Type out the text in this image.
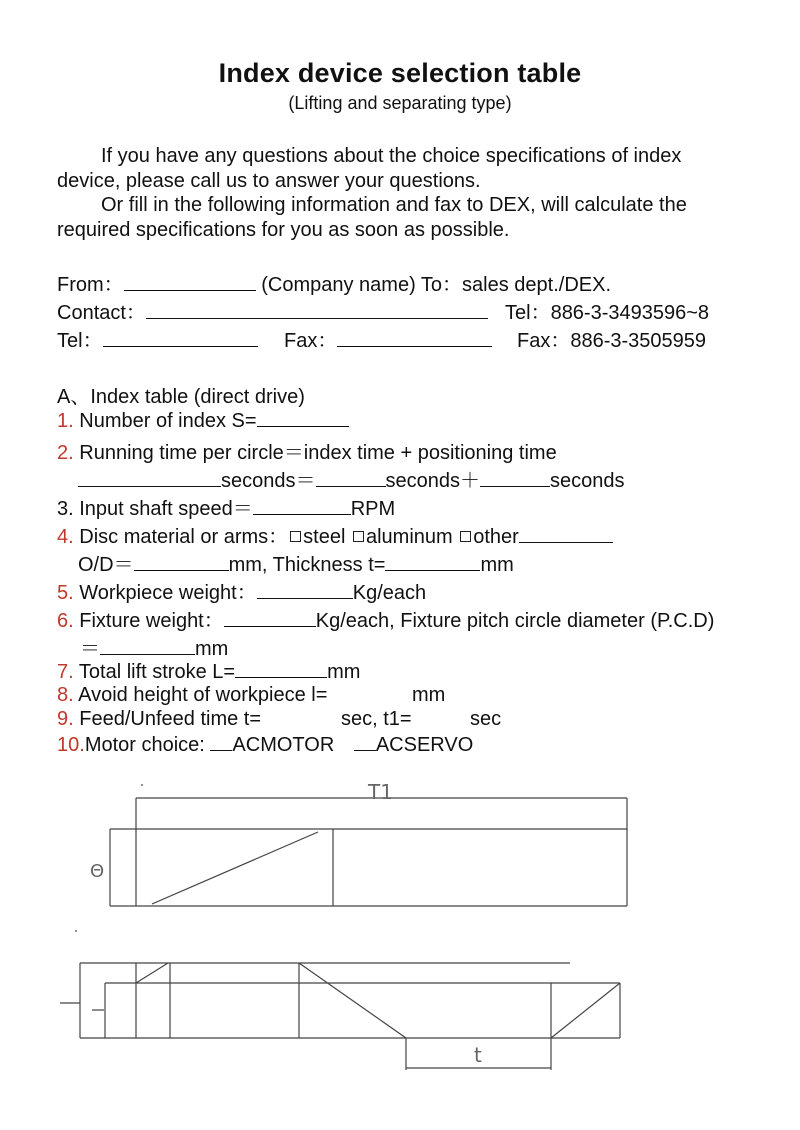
Index device selection table
(Lifting and separating type)
If you have any questions about the choice specifications of index
device, please call us to answer your questions.
Or fill in the following information and fax to DEX, will calculate the
required specifications for you as soon as possible.
From：	(Company name) To：sales dept./DEX.
Contact：	Tel：886-3-3493596~8
Tel：	Fax：	Fax：886-3-3505959
A、Index table (direct drive)
1. Number of index S=
2. Running time per circle＝index time + positioning time
seconds＝	seconds＋	seconds
3. Input shaft speed＝	RPM
4. Disc material or arms： steel aluminum other
O/D＝	mm, Thickness t=	mm
5. Workpiece weight：	Kg/each
6. Fixture weight：	Kg/each, Fixture pitch circle diameter (P.C.D)
＝	mm
7. Total lift stroke L=	mm
8. Avoid height of workpiece l=	mm
9. Feed/Unfeed time t=	sec, t1=	sec
10.Motor choice: ACMOTOR ACSERVO
T1
Θ
t
